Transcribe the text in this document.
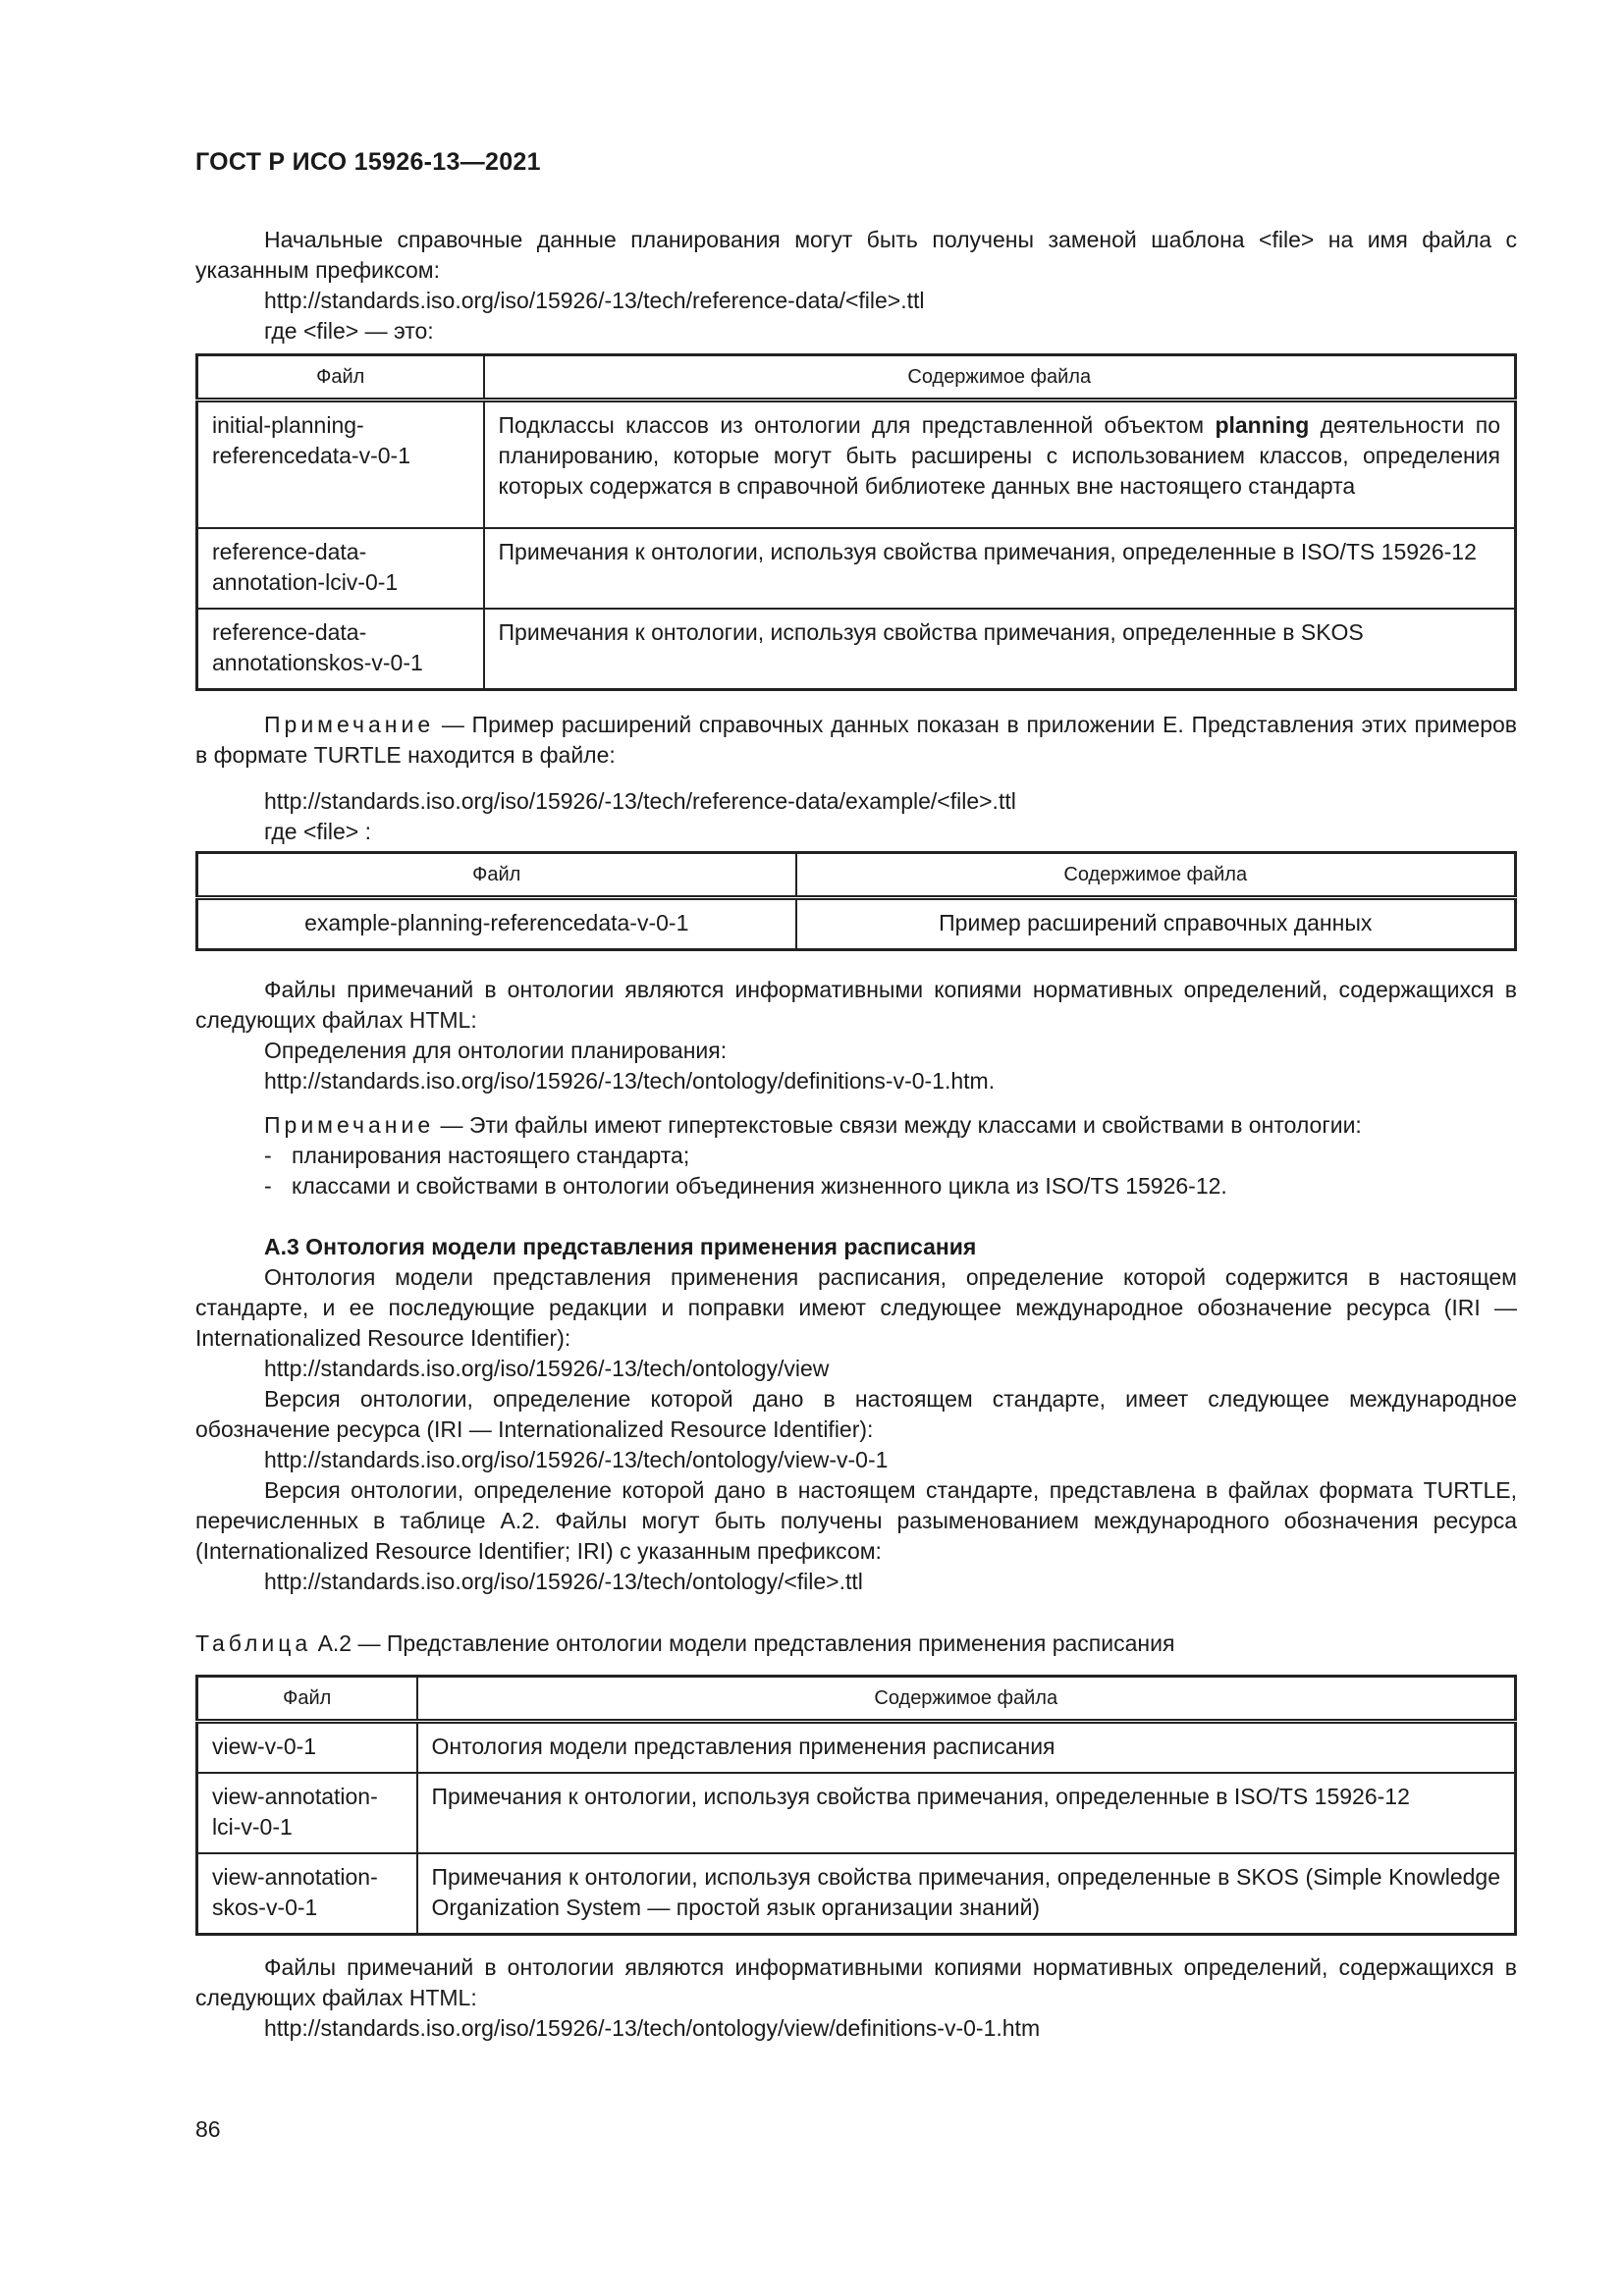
ГОСТ Р ИСО 15926-13—2021

Начальные справочные данные планирования могут быть получены заменой шаблона <file> на имя файла с указанным префиксом:

http://standards.iso.org/iso/15926/-13/tech/reference-data/<file>.ttl

где <file> — это:

Файл	Содержимое файла
initial-planning-referencedata-v-0-1	Подклассы классов из онтологии для представленной объектом planning деятельности по планированию, которые могут быть расширены с использованием классов, определения которых содержатся в справочной библиотеке данных вне настоящего стандарта
reference-data-annotation-lciv-0-1	Примечания к онтологии, используя свойства примечания, определенные в ISO/TS 15926-12
reference-data-annotationskos-v-0-1	Примечания к онтологии, используя свойства примечания, определенные в SKOS

Примечание — Пример расширений справочных данных показан в приложении Е. Представления этих примеров в формате TURTLE находится в файле:

http://standards.iso.org/iso/15926/-13/tech/reference-data/example/<file>.ttl

где <file> :

Файл	Содержимое файла
example-planning-referencedata-v-0-1	Пример расширений справочных данных

Файлы примечаний в онтологии являются информативными копиями нормативных определений, содержащихся в следующих файлах HTML:

Определения для онтологии планирования:

http://standards.iso.org/iso/15926/-13/tech/ontology/definitions-v-0-1.htm.

Примечание — Эти файлы имеют гипертекстовые связи между классами и свойствами в онтологии:

- планирования настоящего стандарта;
- классами и свойствами в онтологии объединения жизненного цикла из ISO/TS 15926-12.

А.3 Онтология модели представления применения расписания

Онтология модели представления применения расписания, определение которой содержится в настоящем стандарте, и ее последующие редакции и поправки имеют следующее международное обозначение ресурса (IRI — Internationalized Resource Identifier):

http://standards.iso.org/iso/15926/-13/tech/ontology/view

Версия онтологии, определение которой дано в настоящем стандарте, имеет следующее международное обозначение ресурса (IRI — Internationalized Resource Identifier):

http://standards.iso.org/iso/15926/-13/tech/ontology/view-v-0-1

Версия онтологии, определение которой дано в настоящем стандарте, представлена в файлах формата TURTLE, перечисленных в таблице А.2. Файлы могут быть получены разыменованием международного обозначения ресурса (Internationalized Resource Identifier; IRI) с указанным префиксом:

http://standards.iso.org/iso/15926/-13/tech/ontology/<file>.ttl

Таблица А.2 — Представление онтологии модели представления применения расписания
Файл	Содержимое файла
view-v-0-1	Онтология модели представления применения расписания
view-annotation-lci-v-0-1	Примечания к онтологии, используя свойства примечания, определенные в ISO/TS 15926-12
view-annotation-skos-v-0-1	Примечания к онтологии, используя свойства примечания, определенные в SKOS (Simple Knowledge Organization System — простой язык организации знаний)

Файлы примечаний в онтологии являются информативными копиями нормативных определений, содержащихся в следующих файлах HTML:

http://standards.iso.org/iso/15926/-13/tech/ontology/view/definitions-v-0-1.htm

86
